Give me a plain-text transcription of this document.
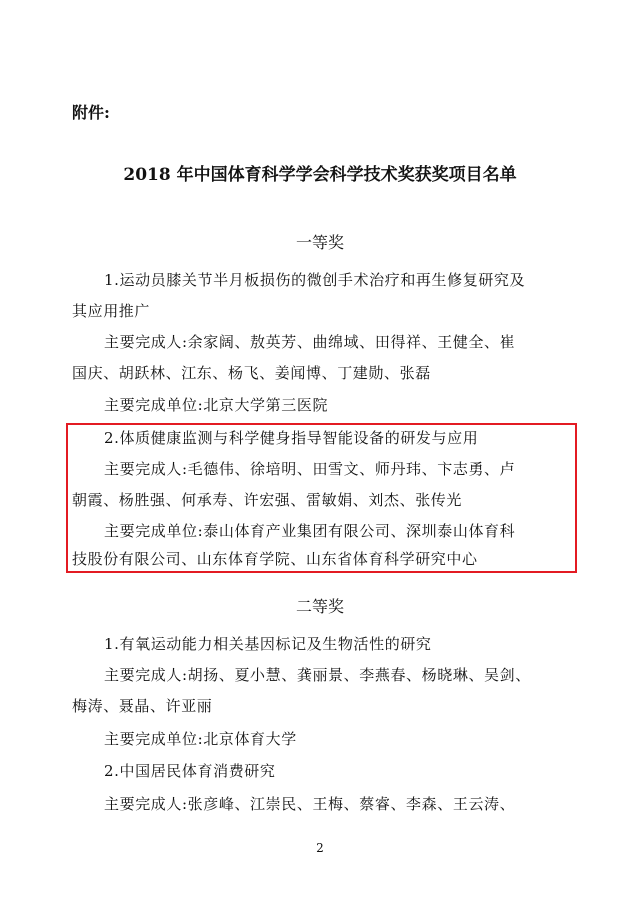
附件:
2018 年中国体育科学学会科学技术奖获奖项目名单
一等奖
1.运动员膝关节半月板损伤的微创手术治疗和再生修复研究及
其应用推广
主要完成人:余家阔、敖英芳、曲绵域、田得祥、王健全、崔
国庆、胡跃林、江东、杨飞、姜闻博、丁建勋、张磊
主要完成单位:北京大学第三医院
2.体质健康监测与科学健身指导智能设备的研发与应用
主要完成人:毛德伟、徐培明、田雪文、师丹玮、卞志勇、卢
朝霞、杨胜强、何承寿、许宏强、雷敏娟、刘杰、张传光
主要完成单位:泰山体育产业集团有限公司、深圳泰山体育科
技股份有限公司、山东体育学院、山东省体育科学研究中心
二等奖
1.有氧运动能力相关基因标记及生物活性的研究
主要完成人:胡扬、夏小慧、龚丽景、李燕春、杨晓琳、吴剑、
梅涛、聂晶、许亚丽
主要完成单位:北京体育大学
2.中国居民体育消费研究
主要完成人:张彦峰、江崇民、王梅、蔡睿、李森、王云涛、
2
